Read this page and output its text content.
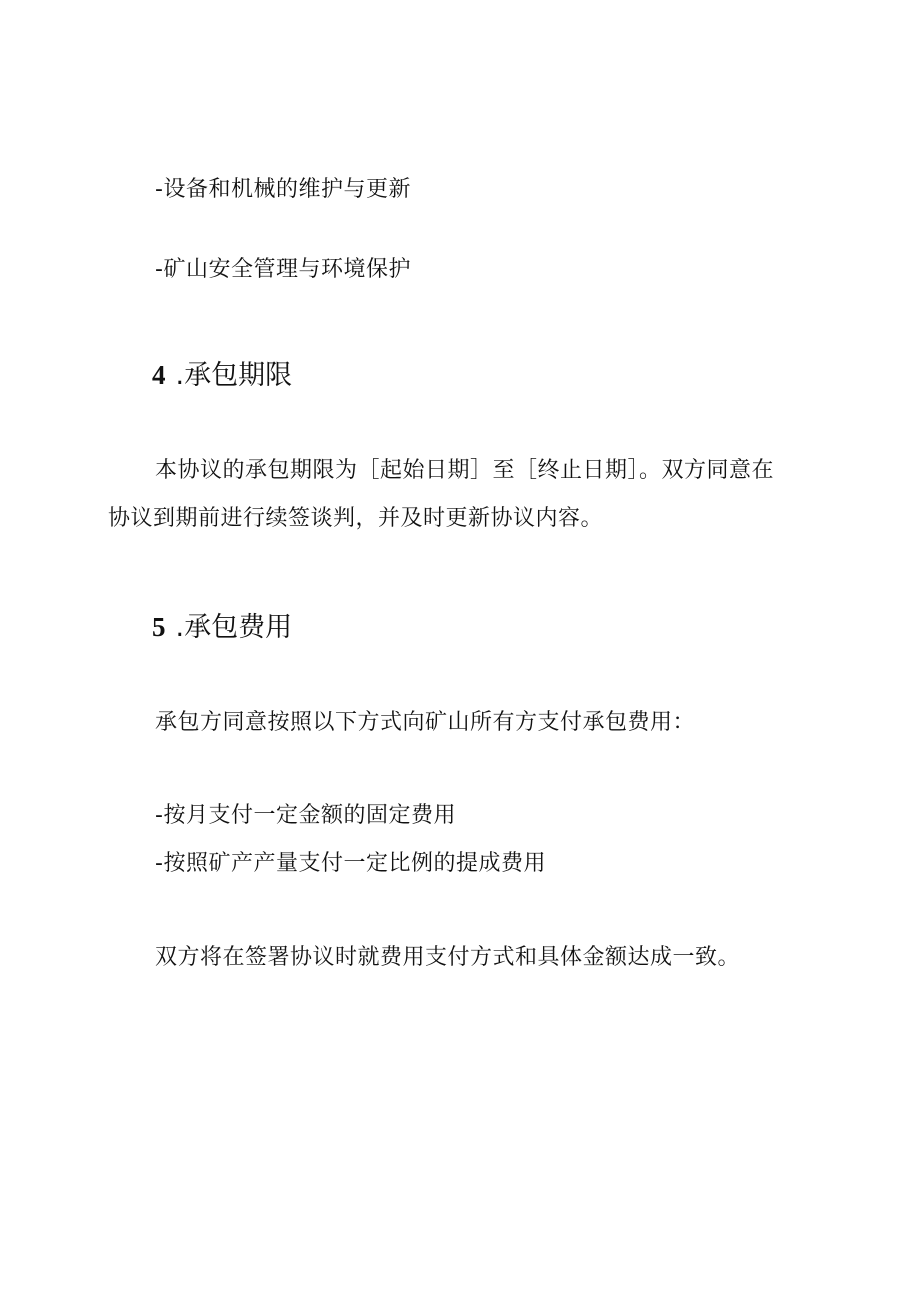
-设备和机械的维护与更新
-矿山安全管理与环境保护
4 .承包期限
本协议的承包期限为［起始日期］至［终止日期］。双方同意在
协议到期前进行续签谈判，并及时更新协议内容。
5 .承包费用
承包方同意按照以下方式向矿山所有方支付承包费用：
-按月支付一定金额的固定费用
-按照矿产产量支付一定比例的提成费用
双方将在签署协议时就费用支付方式和具体金额达成一致。
